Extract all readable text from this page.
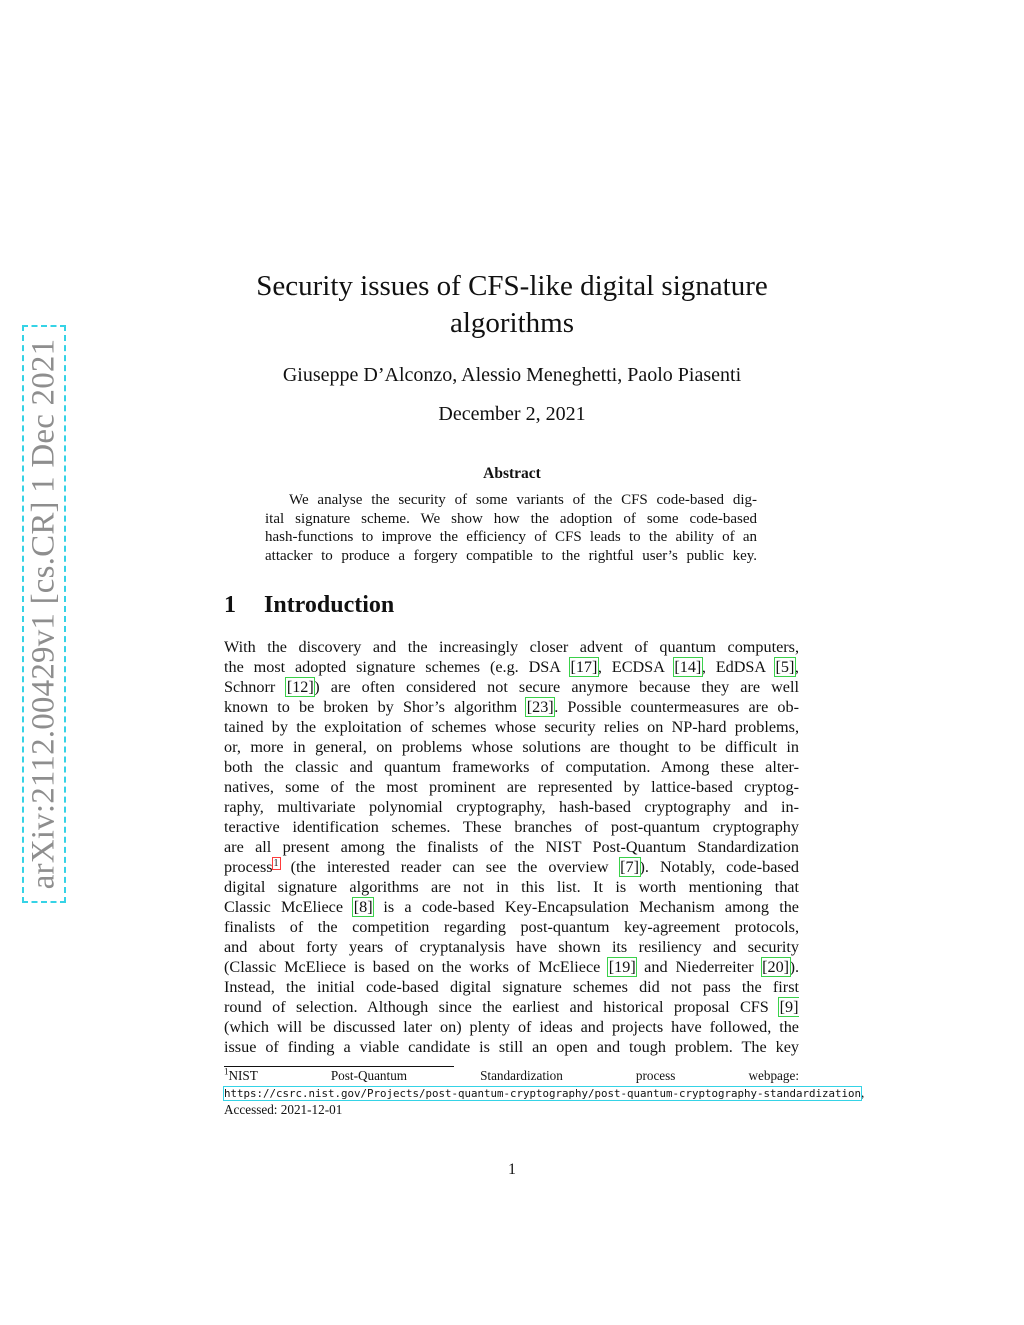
arXiv:2112.00429v1 [cs.CR] 1 Dec 2021
Security issues of CFS-like digital signature
algorithms
Giuseppe D’Alconzo, Alessio Meneghetti, Paolo Piasenti
December 2, 2021
Abstract
We analyse the security of some variants of the CFS code-based dig-
ital signature scheme. We show how the adoption of some code-based
hash-functions to improve the efficiency of CFS leads to the ability of an
attacker to produce a forgery compatible to the rightful user’s public key.
1 Introduction
With the discovery and the increasingly closer advent of quantum computers,
the most adopted signature schemes (e.g. DSA [17], ECDSA [14], EdDSA [5],
Schnorr [12]) are often considered not secure anymore because they are well
known to be broken by Shor’s algorithm [23]. Possible countermeasures are ob-
tained by the exploitation of schemes whose security relies on NP-hard problems,
or, more in general, on problems whose solutions are thought to be difficult in
both the classic and quantum frameworks of computation. Among these alter-
natives, some of the most prominent are represented by lattice-based cryptog-
raphy, multivariate polynomial cryptography, hash-based cryptography and in-
teractive identification schemes. These branches of post-quantum cryptography
are all present among the finalists of the NIST Post-Quantum Standardization
process$^1$ (the interested reader can see the overview [7]). Notably, code-based
digital signature algorithms are not in this list. It is worth mentioning that
Classic McEliece [8] is a code-based Key-Encapsulation Mechanism among the
finalists of the competition regarding post-quantum key-agreement protocols,
and about forty years of cryptanalysis have shown its resiliency and security
(Classic McEliece is based on the works of McEliece [19] and Niederreiter [20]).
Instead, the initial code-based digital signature schemes did not pass the first
round of selection. Although since the earliest and historical proposal CFS [9]
(which will be discussed later on) plenty of ideas and projects have followed, the
issue of finding a viable candidate is still an open and tough problem. The key
$^1$NIST	Post-Quantum	Standardization	process	webpage:
https://csrc.nist.gov/Projects/post-quantum-cryptography/post-quantum-cryptography-standardization,
Accessed: 2021-12-01
1
